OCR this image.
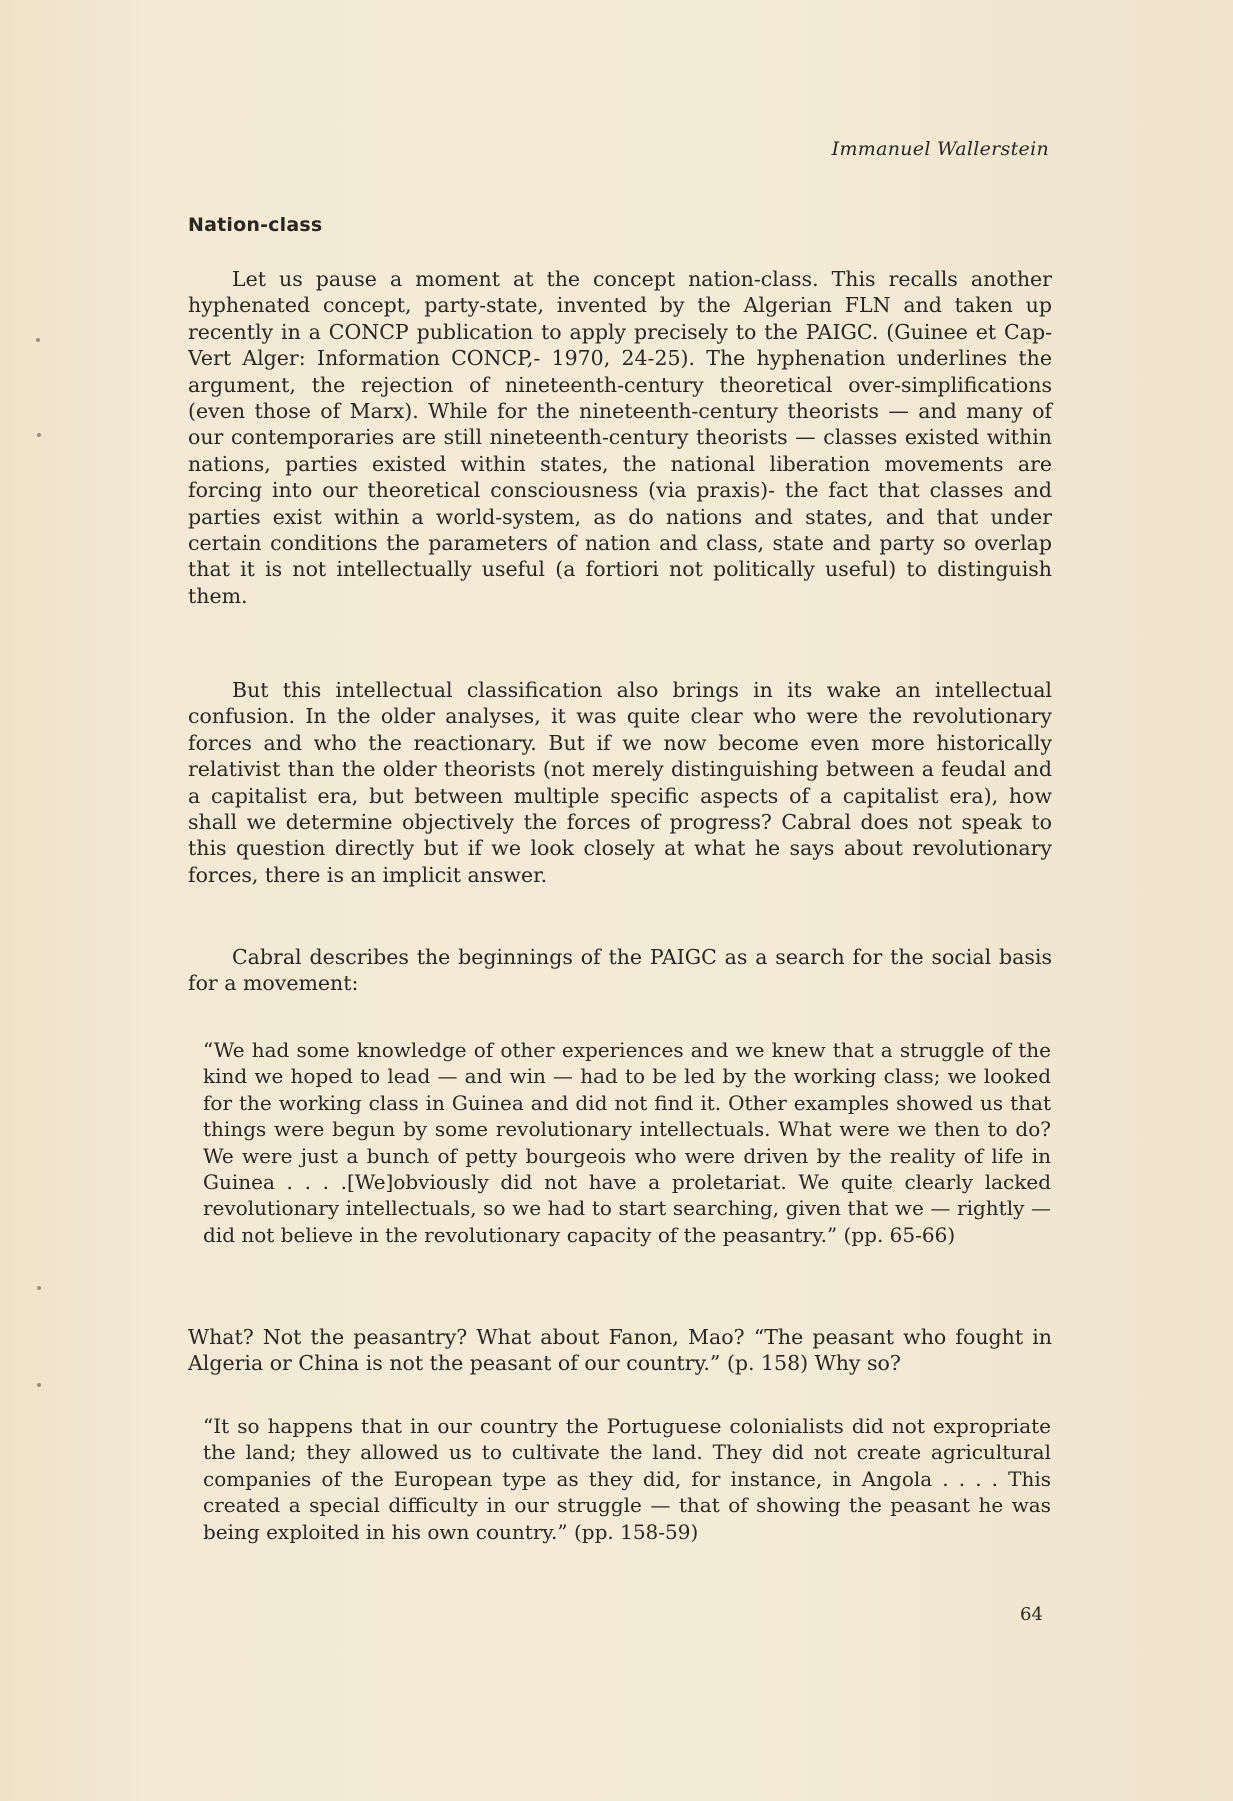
Immanuel Wallerstein
Nation-class

Let us pause a moment at the concept nation-class. This recalls another hyphenated concept, party-state, invented by the Algerian FLN and taken up recently in a CONCP publication to apply precisely to the PAIGC. (Guinee et Cap-Vert Alger: Information CONCP,- 1970, 24-25). The hyphenation underlines the argument, the rejection of nineteenth-century theoretical over-simplifications (even those of Marx). While for the nineteenth-century theorists — and many of our contemporaries are still nineteenth-century theorists — classes existed within nations, parties existed within states, the national liberation movements are forcing into our theoretical consciousness (via praxis)- the fact that classes and parties exist within a world-system, as do nations and states, and that under certain conditions the parameters of nation and class, state and party so overlap that it is not intellectually useful (a fortiori not politically useful) to distinguish them.

But this intellectual classification also brings in its wake an intellectual confusion. In the older analyses, it was quite clear who were the revolutionary forces and who the reactionary. But if we now become even more historically relativist than the older theorists (not merely distinguishing between a feudal and a capitalist era, but between multiple specific aspects of a capitalist era), how shall we determine objectively the forces of progress? Cabral does not speak to this question directly but if we look closely at what he says about revolutionary forces, there is an implicit answer.

Cabral describes the beginnings of the PAIGC as a search for the social basis for a movement:

“We had some knowledge of other experiences and we knew that a struggle of the kind we hoped to lead — and win — had to be led by the working class; we looked for the working class in Guinea and did not find it. Other examples showed us that things were begun by some revolutionary intellectuals. What were we then to do? We were just a bunch of petty bourgeois who were driven by the reality of life in Guinea . . . .[We]obviously did not have a proletariat. We quite clearly lacked revolutionary intellectuals, so we had to start searching, given that we — rightly — did not believe in the revolutionary capacity of the peasantry.” (pp. 65-66)

What? Not the peasantry? What about Fanon, Mao? “The peasant who fought in Algeria or China is not the peasant of our country.” (p. 158) Why so?

“It so happens that in our country the Portuguese colonialists did not expropriate the land; they allowed us to cultivate the land. They did not create agricultural companies of the European type as they did, for instance, in Angola . . . . This created a special difficulty in our struggle — that of showing the peasant he was being exploited in his own country.” (pp. 158-59)

64
